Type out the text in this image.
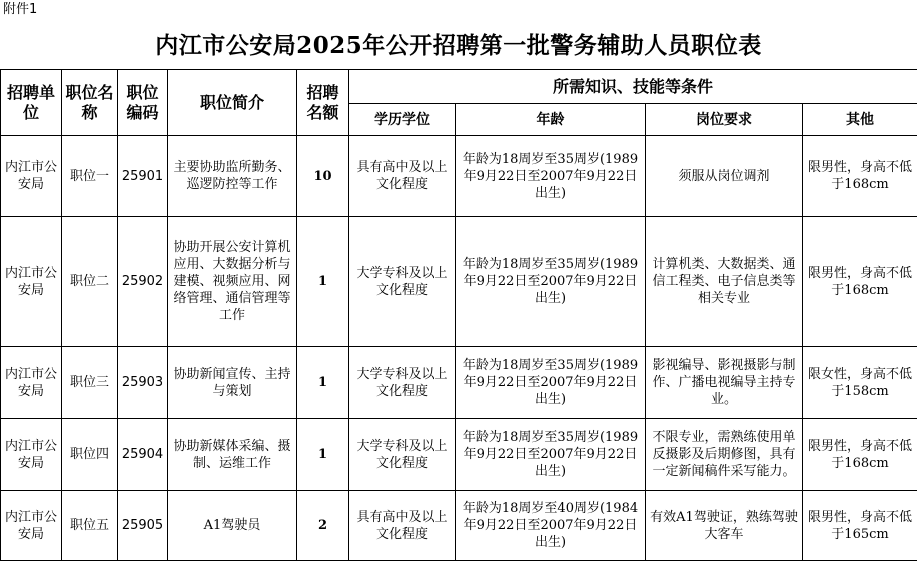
附件1
内江市公安局2025年公开招聘第一批警务辅助人员职位表
招聘单位	职位名称	职位编码	职位简介	招聘名额	所需知识、技能等条件			
					学历学位	年龄	岗位要求	其他
内江市公安局	职位一	25901	主要协助监所勤务、巡逻防控等工作	10	具有高中及以上文化程度	年龄为18周岁至35周岁(1989年9月22日至2007年9月22日出生)	须服从岗位调剂	限男性，身高不低于168cm
内江市公安局	职位二	25902	协助开展公安计算机应用、大数据分析与建模、视频应用、网络管理、通信管理等工作	1	大学专科及以上文化程度	年龄为18周岁至35周岁(1989年9月22日至2007年9月22日出生)	计算机类、大数据类、通信工程类、电子信息类等相关专业	限男性，身高不低于168cm
内江市公安局	职位三	25903	协助新闻宣传、主持与策划	1	大学专科及以上文化程度	年龄为18周岁至35周岁(1989年9月22日至2007年9月22日出生)	影视编导、影视摄影与制作、广播电视编导主持专业。	限女性，身高不低于158cm
内江市公安局	职位四	25904	协助新媒体采编、摄制、运维工作	1	大学专科及以上文化程度	年龄为18周岁至35周岁(1989年9月22日至2007年9月22日出生)	不限专业，需熟练使用单反摄影及后期修图，具有一定新闻稿件采写能力。	限男性，身高不低于168cm
内江市公安局	职位五	25905	A1驾驶员	2	具有高中及以上文化程度	年龄为18周岁至40周岁(1984年9月22日至2007年9月22日出生)	有效A1驾驶证，熟练驾驶大客车	限男性，身高不低于165cm
